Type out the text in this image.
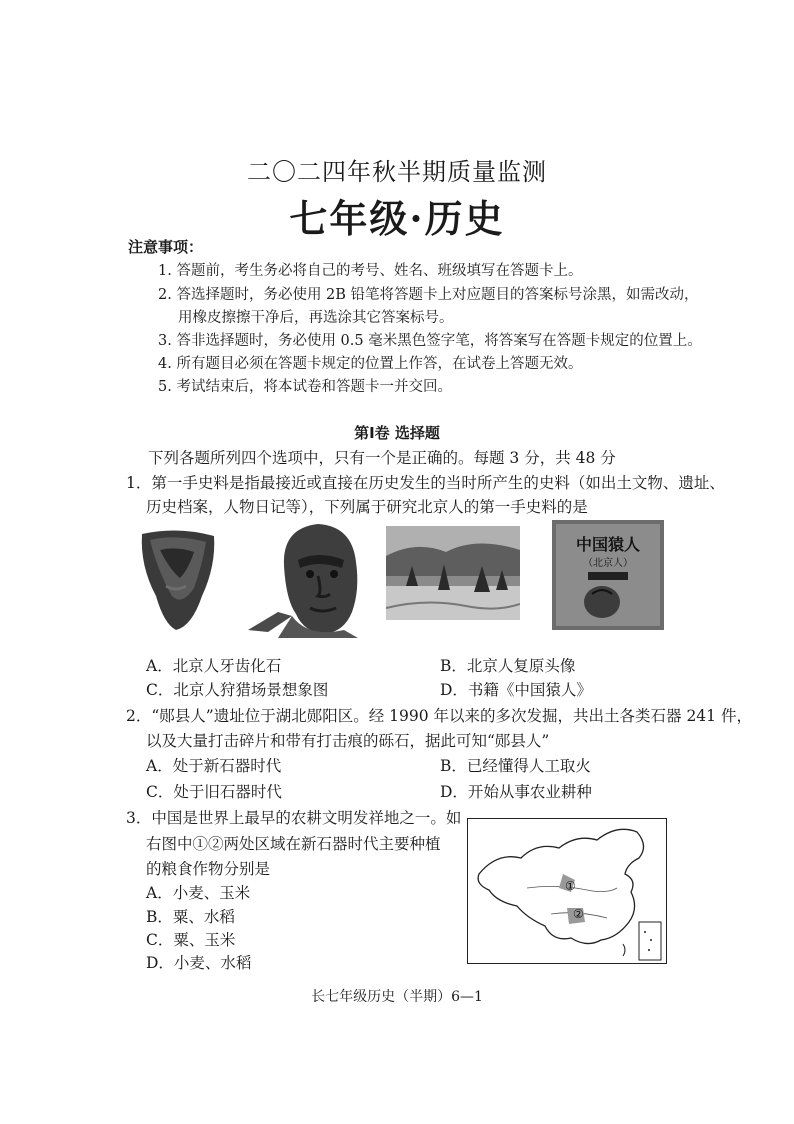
二〇二四年秋半期质量监测
七年级·历史
注意事项：
1. 答题前，考生务必将自己的考号、姓名、班级填写在答题卡上。
2. 答选择题时，务必使用 2B 铅笔将答题卡上对应题目的答案标号涂黑，如需改动，
用橡皮擦擦干净后，再选涂其它答案标号。
3. 答非选择题时，务必使用 0.5 毫米黑色签字笔，将答案写在答题卡规定的位置上。
4. 所有题目必须在答题卡规定的位置上作答，在试卷上答题无效。
5. 考试结束后，将本试卷和答题卡一并交回。
第Ⅰ卷 选择题
下列各题所列四个选项中，只有一个是正确的。每题 3 分，共 48 分
1．第一手史料是指最接近或直接在历史发生的当时所产生的史料（如出土文物、遗址、
历史档案，人物日记等），下列属于研究北京人的第一手史料的是
中国猿人
（北京人）
A．北京人牙齿化石	B．北京人复原头像
C．北京人狩猎场景想象图	D．书籍《中国猿人》
2．“郧县人”遗址位于湖北郧阳区。经 1990 年以来的多次发掘，共出土各类石器 241 件，
以及大量打击碎片和带有打击痕的砾石，据此可知“郧县人”
A．处于新石器时代	B．已经懂得人工取火
C．处于旧石器时代	D．开始从事农业耕种
3．中国是世界上最早的农耕文明发祥地之一。如
右图中①②两处区域在新石器时代主要种植
的粮食作物分别是
A．小麦、玉米
B．粟、水稻
C．粟、玉米
D．小麦、水稻
①
②
长七年级历史（半期）6—1
